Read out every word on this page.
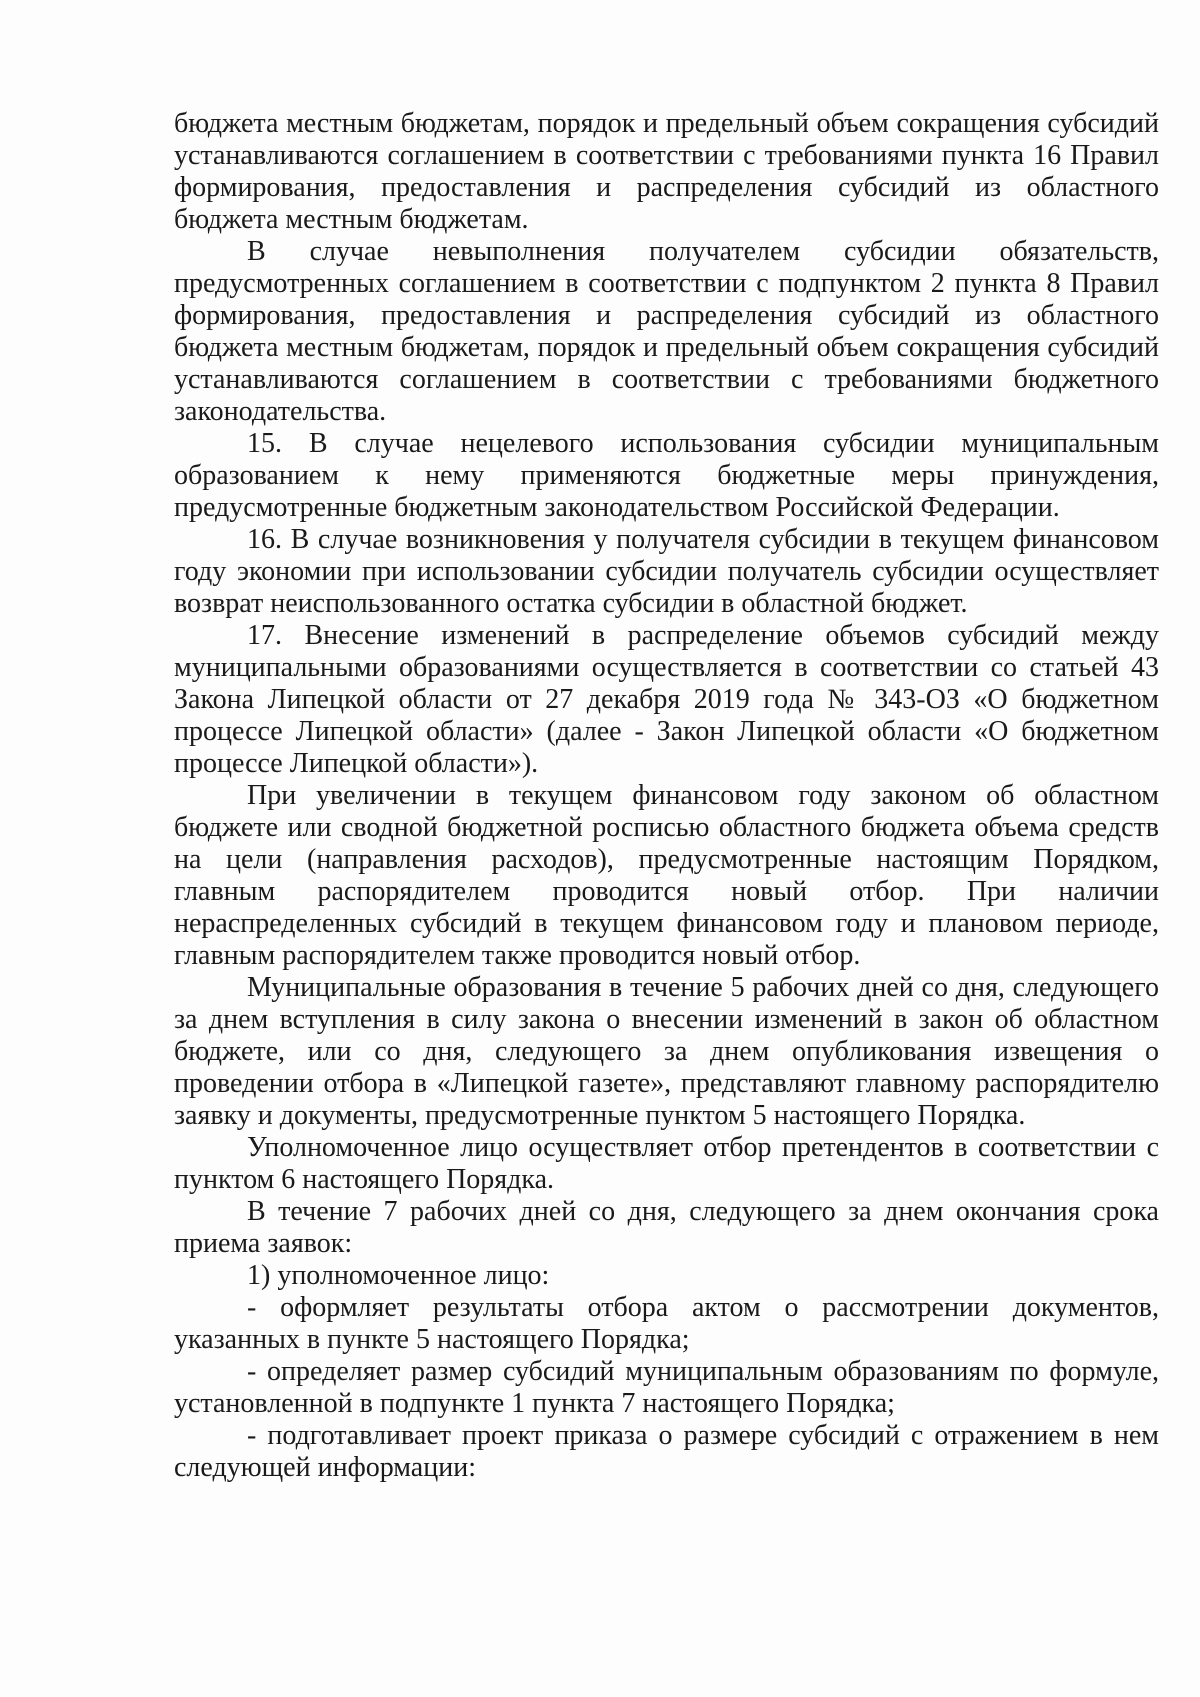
бюджета местным бюджетам, порядок и предельный объем сокращения субсидий устанавливаются соглашением в соответствии с требованиями пункта 16 Правил формирования, предоставления и распределения субсидий из областного бюджета местным бюджетам.

В случае невыполнения получателем субсидии обязательств, предусмотренных соглашением в соответствии с подпунктом 2 пункта 8 Правил формирования, предоставления и распределения субсидий из областного бюджета местным бюджетам, порядок и предельный объем сокращения субсидий устанавливаются соглашением в соответствии с требованиями бюджетного законодательства.

15. В случае нецелевого использования субсидии муниципальным образованием к нему применяются бюджетные меры принуждения, предусмотренные бюджетным законодательством Российской Федерации.

16. В случае возникновения у получателя субсидии в текущем финансовом году экономии при использовании субсидии получатель субсидии осуществляет возврат неиспользованного остатка субсидии в областной бюджет.

17. Внесение изменений в распределение объемов субсидий между муниципальными образованиями осуществляется в соответствии со статьей 43 Закона Липецкой области от 27 декабря 2019 года № 343-ОЗ «О бюджетном процессе Липецкой области» (далее - Закон Липецкой области «О бюджетном процессе Липецкой области»).

При увеличении в текущем финансовом году законом об областном бюджете или сводной бюджетной росписью областного бюджета объема средств на цели (направления расходов), предусмотренные настоящим Порядком, главным распорядителем проводится новый отбор. При наличии нераспределенных субсидий в текущем финансовом году и плановом периоде, главным распорядителем также проводится новый отбор.

Муниципальные образования в течение 5 рабочих дней со дня, следующего за днем вступления в силу закона о внесении изменений в закон об областном бюджете, или со дня, следующего за днем опубликования извещения о проведении отбора в «Липецкой газете», представляют главному распорядителю заявку и документы, предусмотренные пунктом 5 настоящего Порядка.

Уполномоченное лицо осуществляет отбор претендентов в соответствии с пунктом 6 настоящего Порядка.

В течение 7 рабочих дней со дня, следующего за днем окончания срока приема заявок:

1) уполномоченное лицо:

- оформляет результаты отбора актом о рассмотрении документов, указанных в пункте 5 настоящего Порядка;

- определяет размер субсидий муниципальным образованиям по формуле, установленной в подпункте 1 пункта 7 настоящего Порядка;

- подготавливает проект приказа о размере субсидий с отражением в нем следующей информации:
